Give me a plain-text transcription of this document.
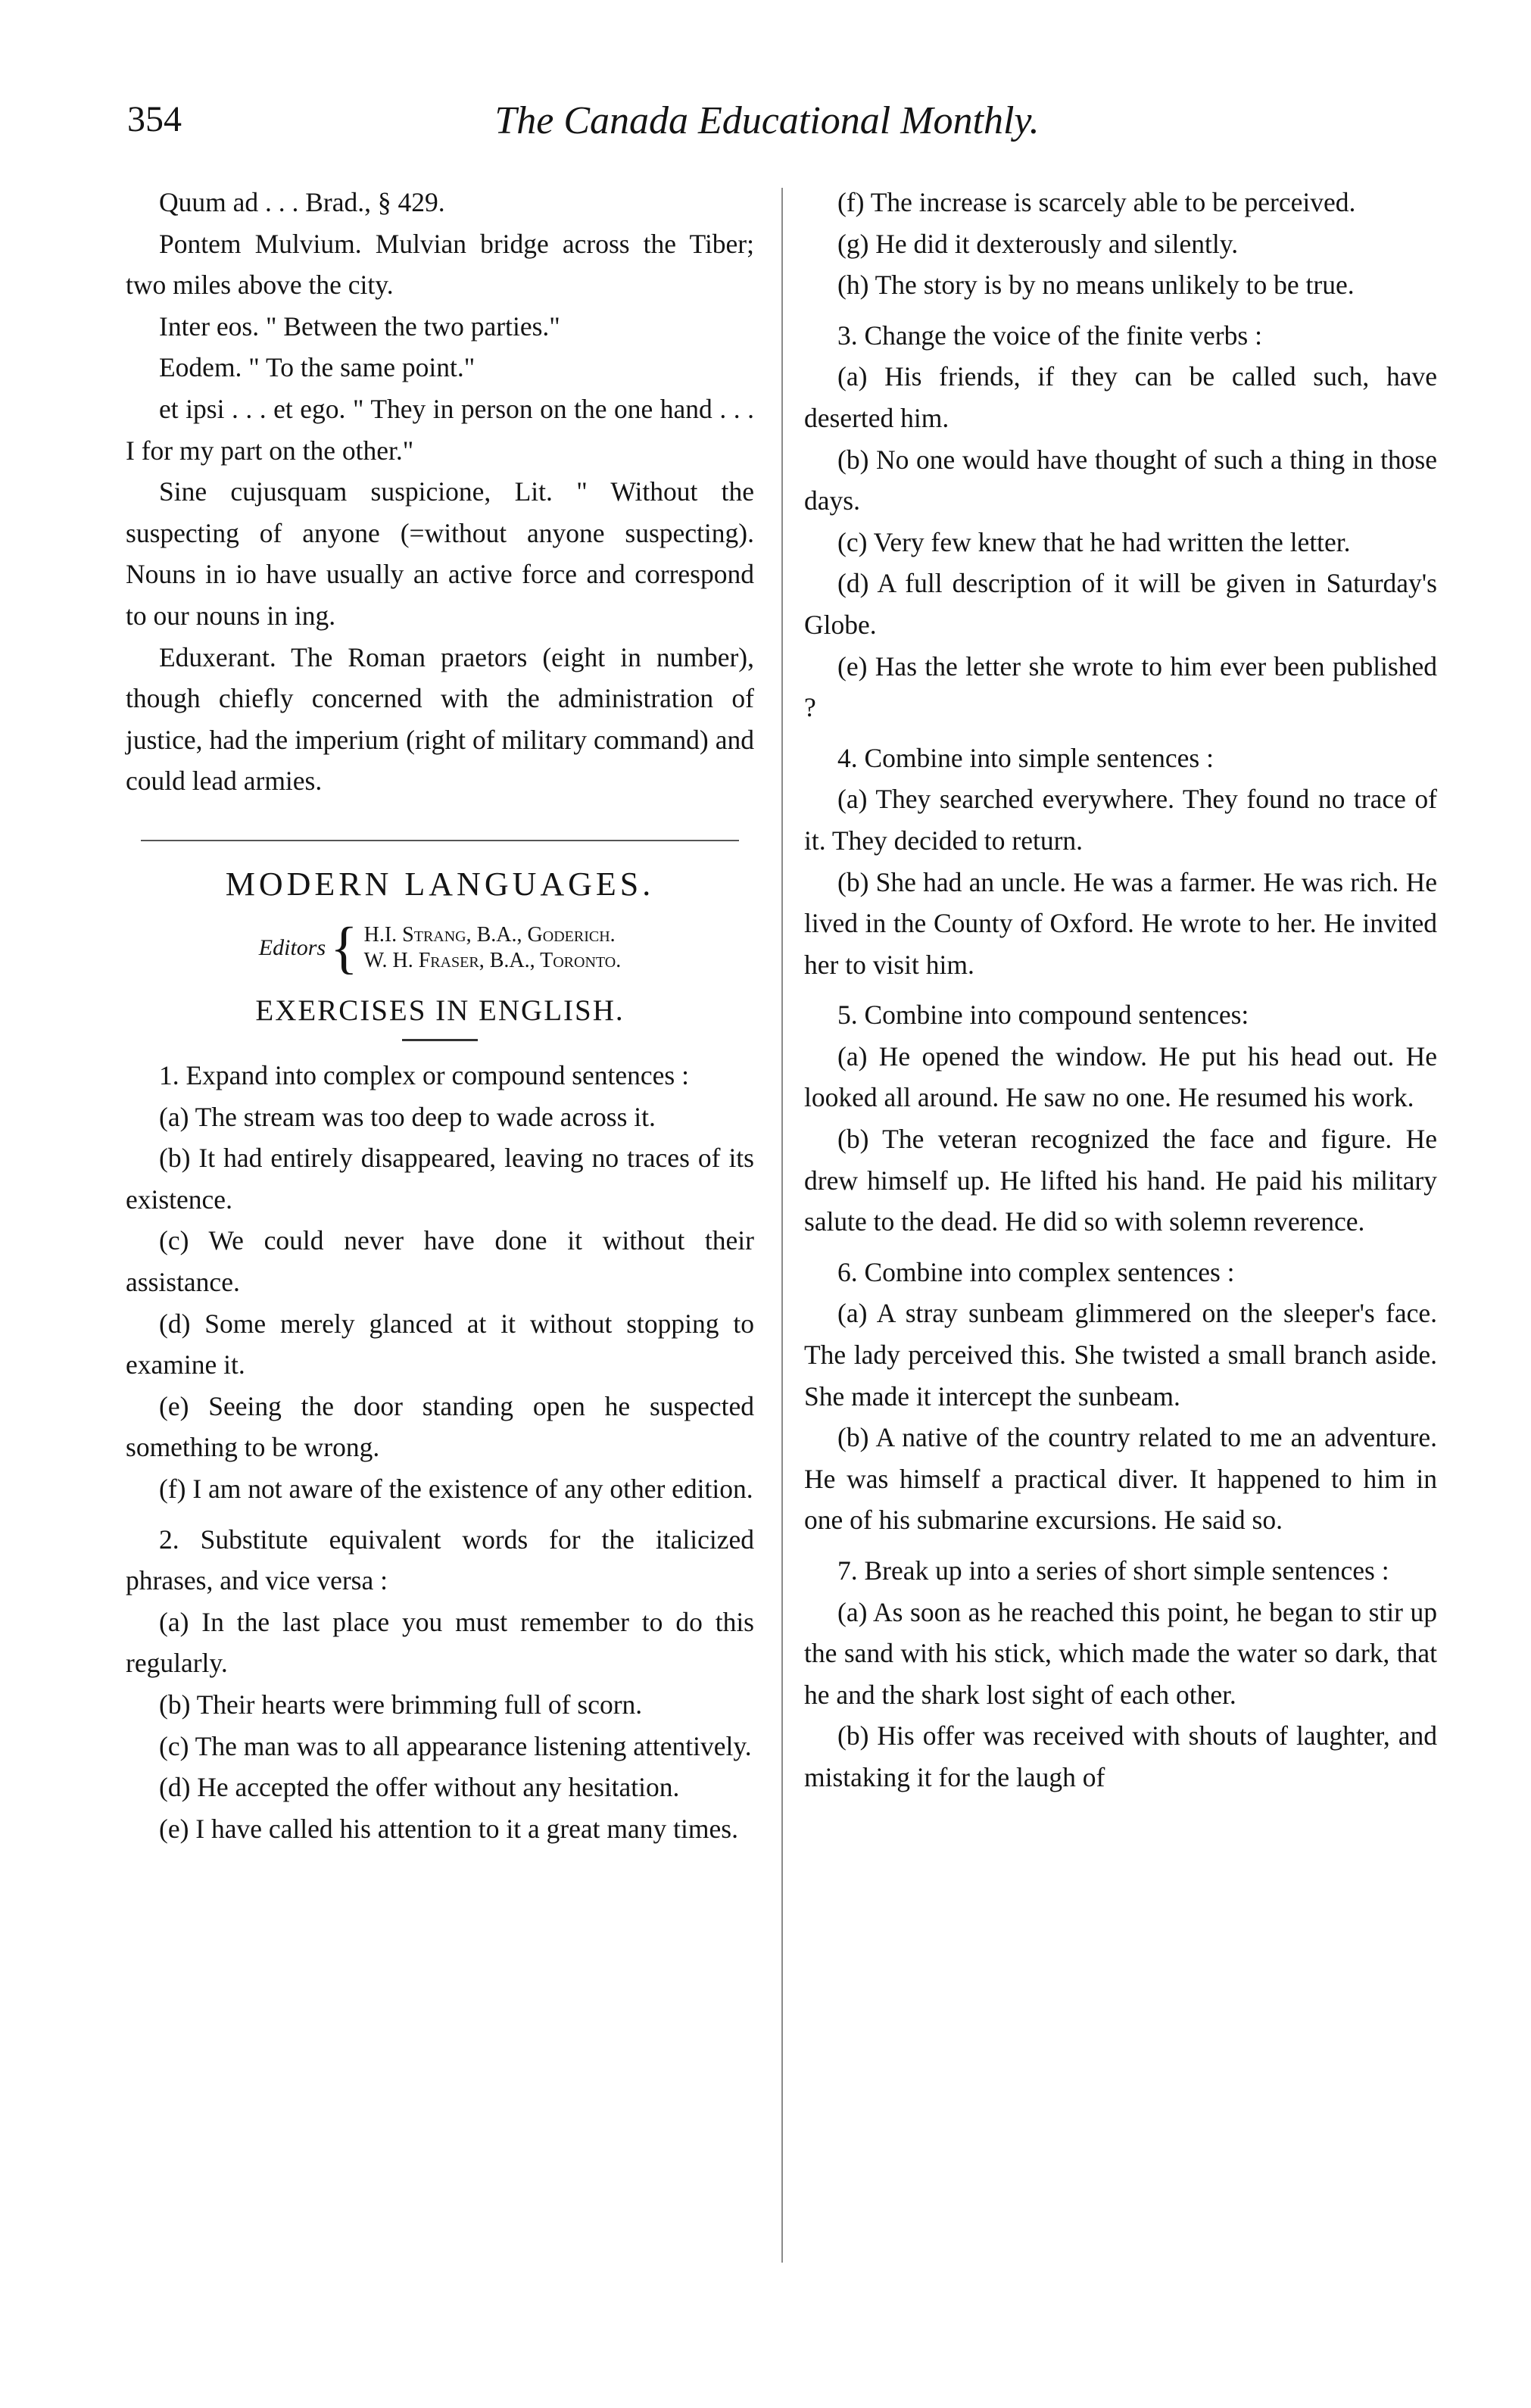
354	The Canada Educational Monthly.

Quum ad . . . Brad., § 429.

Pontem Mulvium. Mulvian bridge across the Tiber; two miles above the city.

Inter eos. " Between the two parties."

Eodem. " To the same point."

et ipsi . . . et ego. " They in person on the one hand . . . I for my part on the other."

Sine cujusquam suspicione, Lit. " Without the suspecting of anyone (=without anyone suspecting). Nouns in io have usually an active force and correspond to our nouns in ing.

Eduxerant. The Roman praetors (eight in number), though chiefly concerned with the administration of justice, had the imperium (right of military command) and could lead armies.

MODERN LANGUAGES.
Editors { H.I. Strang, B.A., Goderich.
W. H. Fraser, B.A., Toronto.
EXERCISES IN ENGLISH.

1. Expand into complex or compound sentences :

(a) The stream was too deep to wade across it.

(b) It had entirely disappeared, leaving no traces of its existence.

(c) We could never have done it without their assistance.

(d) Some merely glanced at it without stopping to examine it.

(e) Seeing the door standing open he suspected something to be wrong.

(f) I am not aware of the existence of any other edition.

2. Substitute equivalent words for the italicized phrases, and vice versa :

(a) In the last place you must remember to do this regularly.

(b) Their hearts were brimming full of scorn.

(c) The man was to all appearance listening attentively.

(d) He accepted the offer without any hesitation.

(e) I have called his attention to it a great many times.

(f) The increase is scarcely able to be perceived.

(g) He did it dexterously and silently.

(h) The story is by no means unlikely to be true.

3. Change the voice of the finite verbs :

(a) His friends, if they can be called such, have deserted him.

(b) No one would have thought of such a thing in those days.

(c) Very few knew that he had written the letter.

(d) A full description of it will be given in Saturday's Globe.

(e) Has the letter she wrote to him ever been published ?

4. Combine into simple sentences :

(a) They searched everywhere. They found no trace of it. They decided to return.

(b) She had an uncle. He was a farmer. He was rich. He lived in the County of Oxford. He wrote to her. He invited her to visit him.

5. Combine into compound sentences:

(a) He opened the window. He put his head out. He looked all around. He saw no one. He resumed his work.

(b) The veteran recognized the face and figure. He drew himself up. He lifted his hand. He paid his military salute to the dead. He did so with solemn reverence.

6. Combine into complex sentences :

(a) A stray sunbeam glimmered on the sleeper's face. The lady perceived this. She twisted a small branch aside. She made it intercept the sunbeam.

(b) A native of the country related to me an adventure. He was himself a practical diver. It happened to him in one of his submarine excursions. He said so.

7. Break up into a series of short simple sentences :

(a) As soon as he reached this point, he began to stir up the sand with his stick, which made the water so dark, that he and the shark lost sight of each other.

(b) His offer was received with shouts of laughter, and mistaking it for the laugh of
